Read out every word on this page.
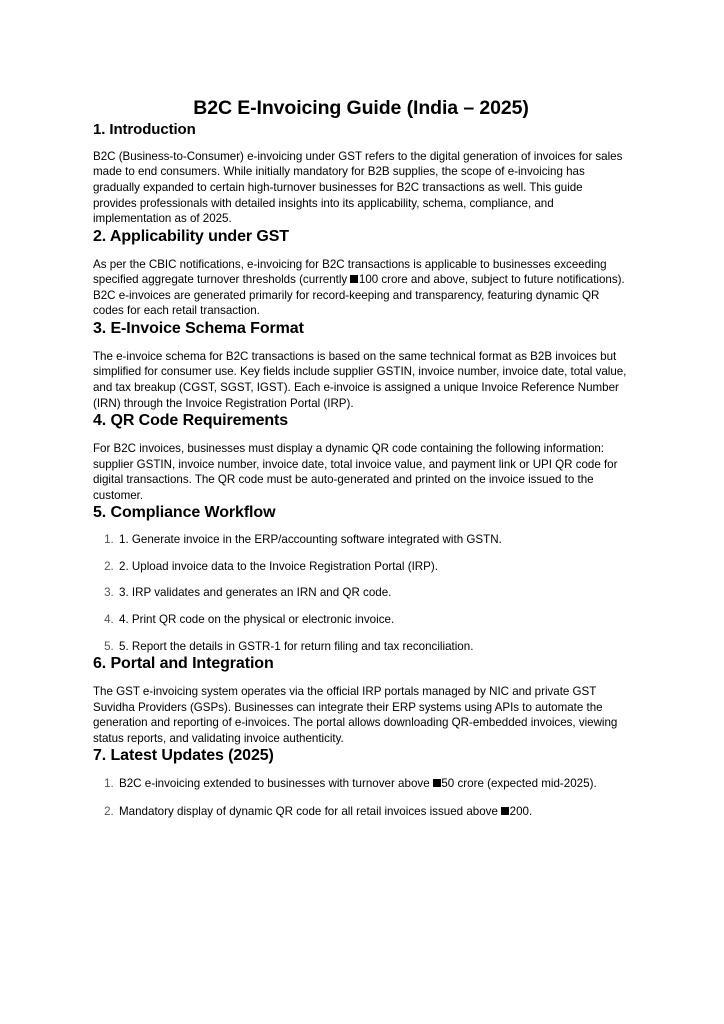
B2C E-Invoicing Guide (India – 2025)
1. Introduction

B2C (Business-to-Consumer) e-invoicing under GST refers to the digital generation of invoices for sales made to end consumers. While initially mandatory for B2B supplies, the scope of e-invoicing has gradually expanded to certain high-turnover businesses for B2C transactions as well. This guide provides professionals with detailed insights into its applicability, schema, compliance, and implementation as of 2025.

2. Applicability under GST

As per the CBIC notifications, e-invoicing for B2C transactions is applicable to businesses exceeding specified aggregate turnover thresholds (currently 100 crore and above, subject to future notifications). B2C e-invoices are generated primarily for record-keeping and transparency, featuring dynamic QR codes for each retail transaction.

3. E-Invoice Schema Format

The e-invoice schema for B2C transactions is based on the same technical format as B2B invoices but simplified for consumer use. Key fields include supplier GSTIN, invoice number, invoice date, total value, and tax breakup (CGST, SGST, IGST). Each e-invoice is assigned a unique Invoice Reference Number (IRN) through the Invoice Registration Portal (IRP).

4. QR Code Requirements

For B2C invoices, businesses must display a dynamic QR code containing the following information: supplier GSTIN, invoice number, invoice date, total invoice value, and payment link or UPI QR code for digital transactions. The QR code must be auto-generated and printed on the invoice issued to the customer.

5. Compliance Workflow
1. 1. Generate invoice in the ERP/accounting software integrated with GSTN.
2. 2. Upload invoice data to the Invoice Registration Portal (IRP).
3. 3. IRP validates and generates an IRN and QR code.
4. 4. Print QR code on the physical or electronic invoice.
5. 5. Report the details in GSTR-1 for return filing and tax reconciliation.
6. Portal and Integration

The GST e-invoicing system operates via the official IRP portals managed by NIC and private GST Suvidha Providers (GSPs). Businesses can integrate their ERP systems using APIs to automate the generation and reporting of e-invoices. The portal allows downloading QR-embedded invoices, viewing status reports, and validating invoice authenticity.

7. Latest Updates (2025)
1. B2C e-invoicing extended to businesses with turnover above 50 crore (expected mid-2025).
2. Mandatory display of dynamic QR code for all retail invoices issued above 200.
